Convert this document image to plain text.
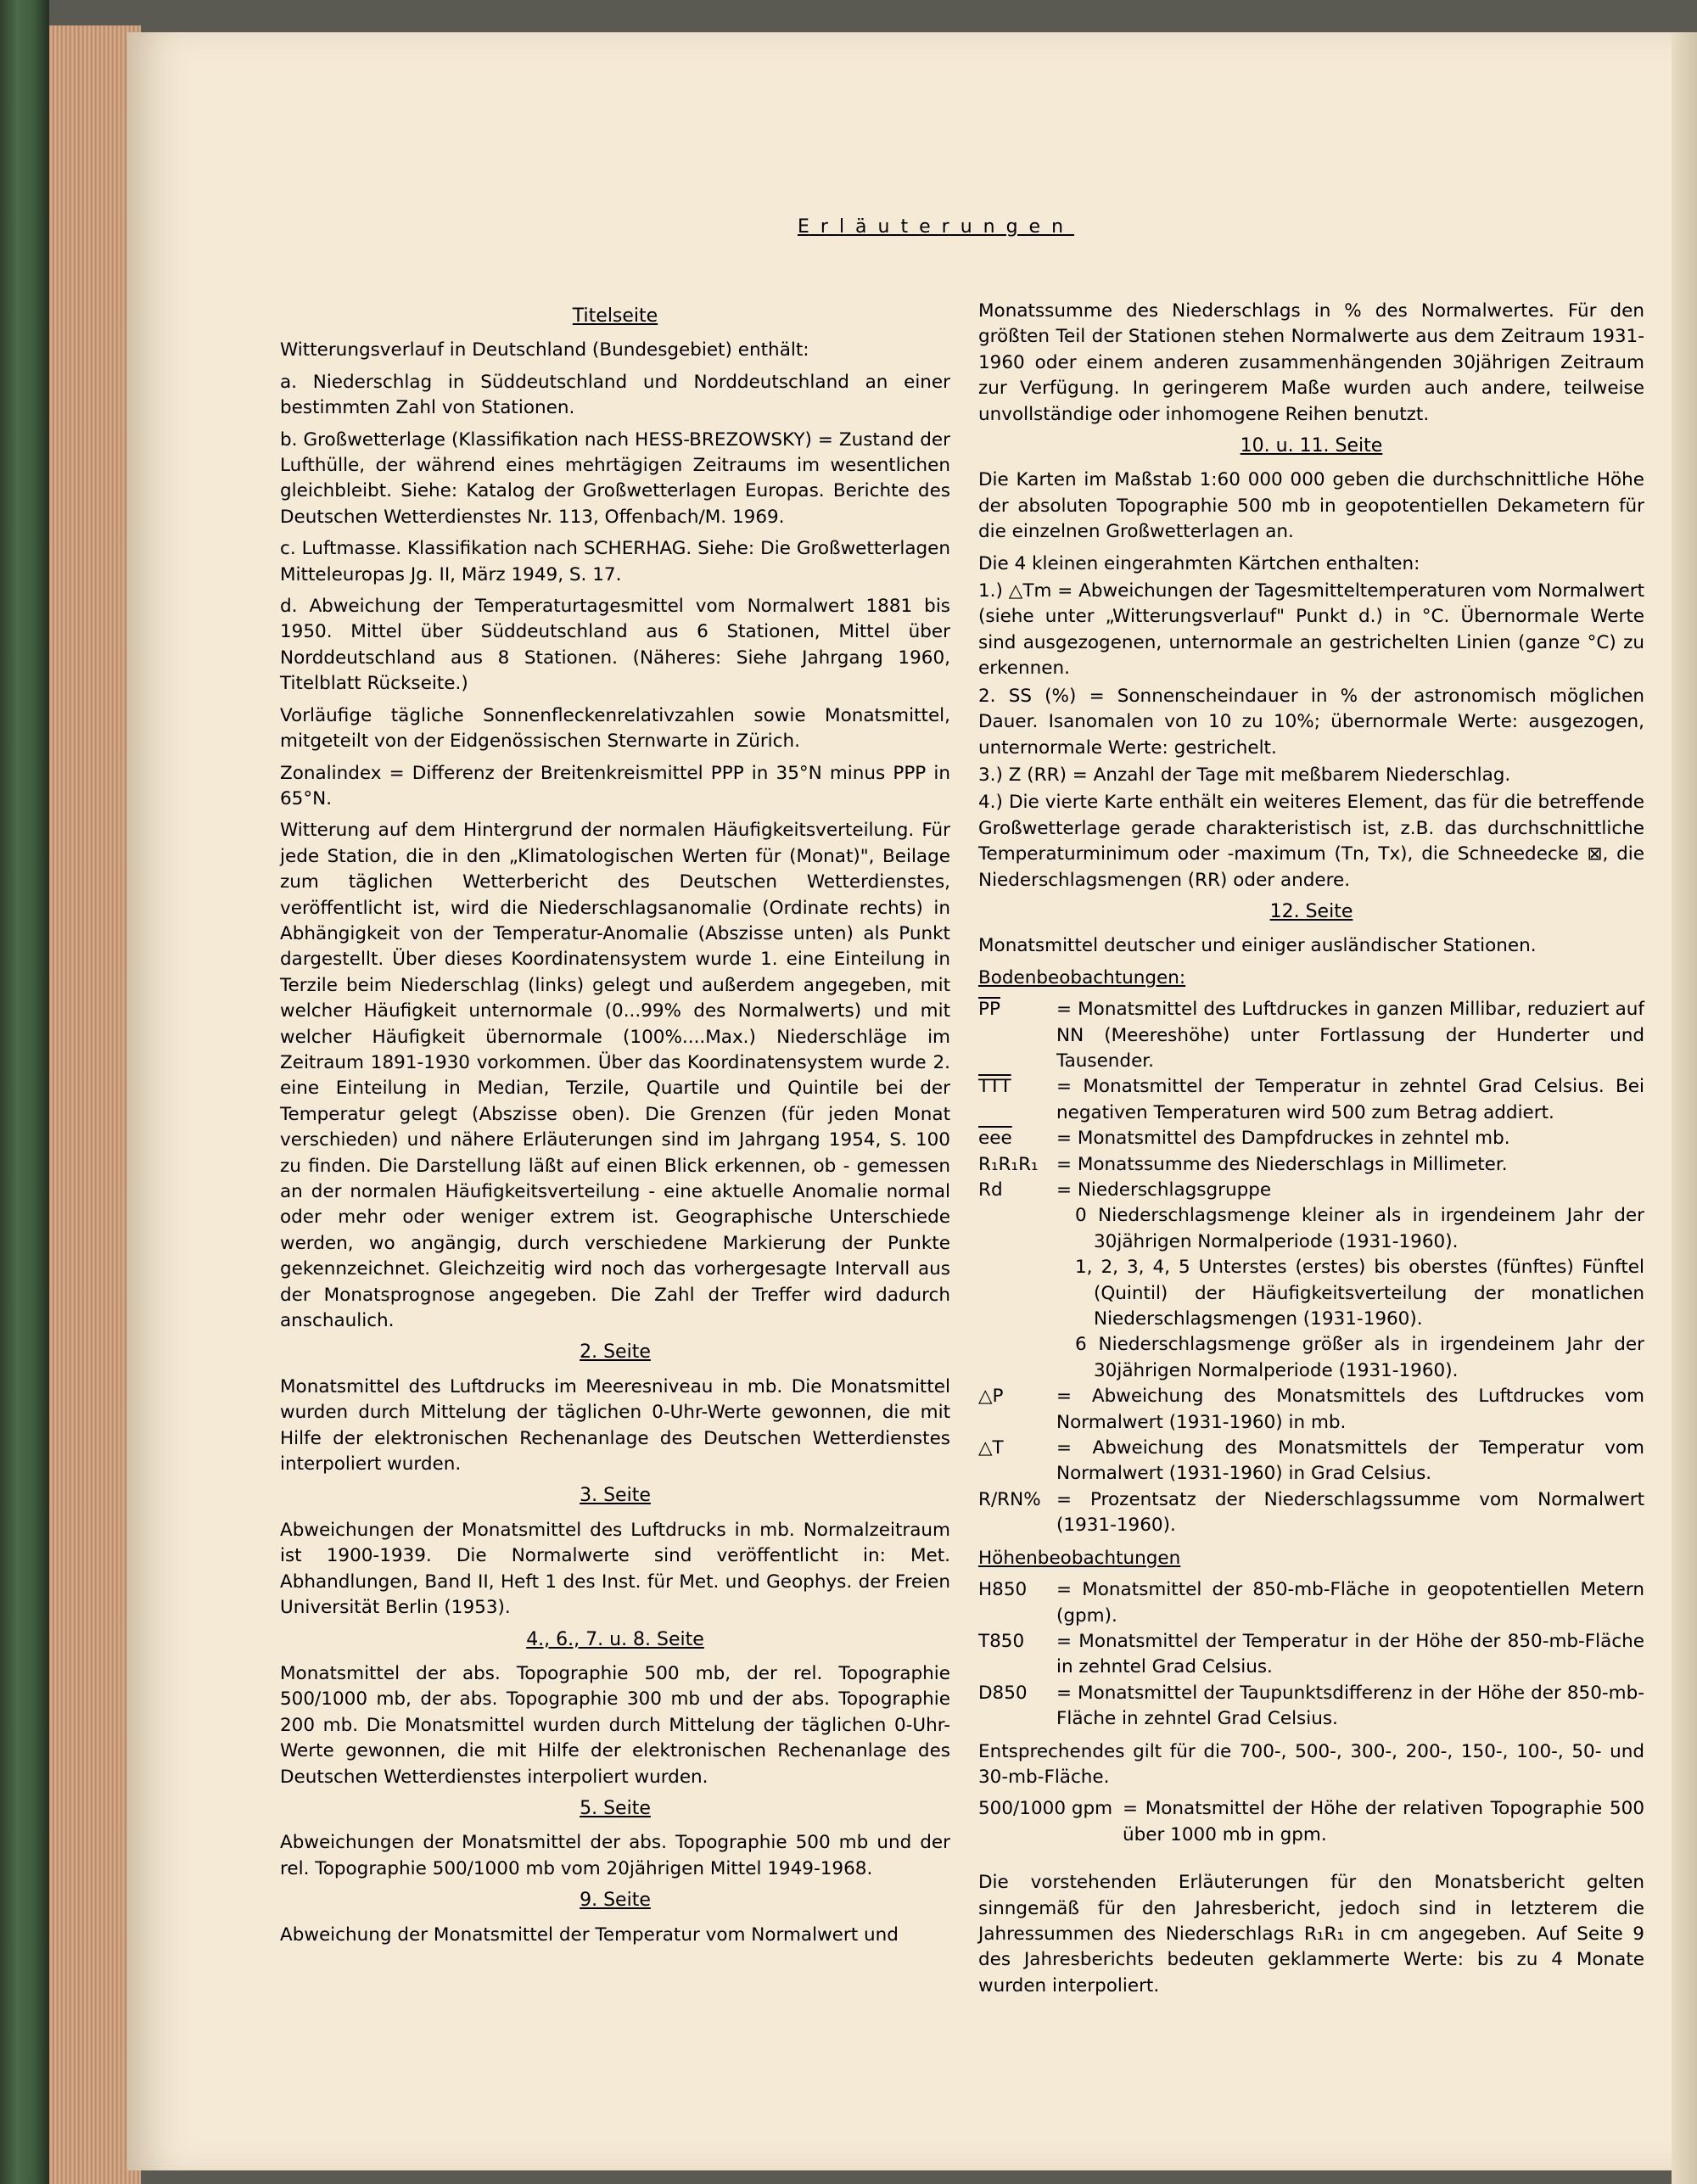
Erläuterungen
Titelseite

Witterungsverlauf in Deutschland (Bundesgebiet) enthält:

a. Niederschlag in Süddeutschland und Norddeutschland an einer bestimmten Zahl von Stationen.

b. Großwetterlage (Klassifikation nach HESS-BREZOWSKY) = Zustand der Lufthülle, der während eines mehrtägigen Zeitraums im wesentlichen gleichbleibt. Siehe: Katalog der Großwetterlagen Europas. Berichte des Deutschen Wetterdienstes Nr. 113, Offenbach/M. 1969.

c. Luftmasse. Klassifikation nach SCHERHAG. Siehe: Die Großwetterlagen Mitteleuropas Jg. II, März 1949, S. 17.

d. Abweichung der Temperaturtagesmittel vom Normalwert 1881 bis 1950. Mittel über Süddeutschland aus 6 Stationen, Mittel über Norddeutschland aus 8 Stationen. (Näheres: Siehe Jahrgang 1960, Titelblatt Rückseite.)

Vorläufige tägliche Sonnenfleckenrelativzahlen sowie Monatsmittel, mitgeteilt von der Eidgenössischen Sternwarte in Zürich.

Zonalindex = Differenz der Breitenkreismittel PPP in 35°N minus PPP in 65°N.

Witterung auf dem Hintergrund der normalen Häufigkeitsverteilung. Für jede Station, die in den „Klimatologischen Werten für (Monat)", Beilage zum täglichen Wetterbericht des Deutschen Wetterdienstes, veröffentlicht ist, wird die Niederschlagsanomalie (Ordinate rechts) in Abhängigkeit von der Temperatur-Anomalie (Abszisse unten) als Punkt dargestellt. Über dieses Koordinatensystem wurde 1. eine Einteilung in Terzile beim Niederschlag (links) gelegt und außerdem angegeben, mit welcher Häufigkeit unternormale (0...99% des Normalwerts) und mit welcher Häufigkeit übernormale (100%....Max.) Niederschläge im Zeitraum 1891-1930 vorkommen. Über das Koordinatensystem wurde 2. eine Einteilung in Median, Terzile, Quartile und Quintile bei der Temperatur gelegt (Abszisse oben). Die Grenzen (für jeden Monat verschieden) und nähere Erläuterungen sind im Jahrgang 1954, S. 100 zu finden. Die Darstellung läßt auf einen Blick erkennen, ob - gemessen an der normalen Häufigkeitsverteilung - eine aktuelle Anomalie normal oder mehr oder weniger extrem ist. Geographische Unterschiede werden, wo angängig, durch verschiedene Markierung der Punkte gekennzeichnet. Gleichzeitig wird noch das vorhergesagte Intervall aus der Monatsprognose angegeben. Die Zahl der Treffer wird dadurch anschaulich.

2. Seite

Monatsmittel des Luftdrucks im Meeresniveau in mb. Die Monatsmittel wurden durch Mittelung der täglichen 0-Uhr-Werte gewonnen, die mit Hilfe der elektronischen Rechenanlage des Deutschen Wetterdienstes interpoliert wurden.

3. Seite

Abweichungen der Monatsmittel des Luftdrucks in mb. Normalzeitraum ist 1900-1939. Die Normalwerte sind veröffentlicht in: Met. Abhandlungen, Band II, Heft 1 des Inst. für Met. und Geophys. der Freien Universität Berlin (1953).

4., 6., 7. u. 8. Seite

Monatsmittel der abs. Topographie 500 mb, der rel. Topographie 500/1000 mb, der abs. Topographie 300 mb und der abs. Topographie 200 mb. Die Monatsmittel wurden durch Mittelung der täglichen 0-Uhr-Werte gewonnen, die mit Hilfe der elektronischen Rechenanlage des Deutschen Wetterdienstes interpoliert wurden.

5. Seite

Abweichungen der Monatsmittel der abs. Topographie 500 mb und der rel. Topographie 500/1000 mb vom 20jährigen Mittel 1949-1968.

9. Seite

Abweichung der Monatsmittel der Temperatur vom Normalwert und

Monatssumme des Niederschlags in % des Normalwertes. Für den größten Teil der Stationen stehen Normalwerte aus dem Zeitraum 1931-1960 oder einem anderen zusammenhängenden 30jährigen Zeitraum zur Verfügung. In geringerem Maße wurden auch andere, teilweise unvollständige oder inhomogene Reihen benutzt.

10. u. 11. Seite

Die Karten im Maßstab 1:60 000 000 geben die durchschnittliche Höhe der absoluten Topographie 500 mb in geopotentiellen Dekametern für die einzelnen Großwetterlagen an.

Die 4 kleinen eingerahmten Kärtchen enthalten:

1.) △Tm = Abweichungen der Tagesmitteltemperaturen vom Normalwert (siehe unter „Witterungsverlauf" Punkt d.) in °C. Übernormale Werte sind ausgezogenen, unternormale an gestrichelten Linien (ganze °C) zu erkennen.

2. SS (%) = Sonnenscheindauer in % der astronomisch möglichen Dauer. Isanomalen von 10 zu 10%; übernormale Werte: ausgezogen, unternormale Werte: gestrichelt.

3.) Z (RR) = Anzahl der Tage mit meßbarem Niederschlag.

4.) Die vierte Karte enthält ein weiteres Element, das für die betreffende Großwetterlage gerade charakteristisch ist, z.B. das durchschnittliche Temperaturminimum oder -maximum (Tn, Tx), die Schneedecke ⊠, die Niederschlagsmengen (RR) oder andere.

12. Seite

Monatsmittel deutscher und einiger ausländischer Stationen.

Bodenbeobachtungen:

$\overline{PP}$	= Monatsmittel des Luftdruckes in ganzen Millibar, reduziert auf NN (Meereshöhe) unter Fortlassung der Hunderter und Tausender.
$\overline{TTT}$	= Monatsmittel der Temperatur in zehntel Grad Celsius. Bei negativen Temperaturen wird 500 zum Betrag addiert.
$\overline{eee}$	= Monatsmittel des Dampfdruckes in zehntel mb.
R₁R₁R₁ = Monatssumme des Niederschlags in Millimeter.
Rd	= Niederschlagsgruppe
0 Niederschlagsmenge kleiner als in irgendeinem Jahr der 30jährigen Normalperiode (1931-1960).
1, 2, 3, 4, 5 Unterstes (erstes) bis oberstes (fünftes) Fünftel (Quintil) der Häufigkeitsverteilung der monatlichen Niederschlagsmengen (1931-1960).
6 Niederschlagsmenge größer als in irgendeinem Jahr der 30jährigen Normalperiode (1931-1960).
△P	= Abweichung des Monatsmittels des Luftdruckes vom Normalwert (1931-1960) in mb.
△T	= Abweichung des Monatsmittels der Temperatur vom Normalwert (1931-1960) in Grad Celsius.
R/RN% = Prozentsatz der Niederschlagssumme vom Normalwert (1931-1960).

Höhenbeobachtungen

H850	= Monatsmittel der 850-mb-Fläche in geopotentiellen Metern (gpm).
T850	= Monatsmittel der Temperatur in der Höhe der 850-mb-Fläche in zehntel Grad Celsius.
D850	= Monatsmittel der Taupunktsdifferenz in der Höhe der 850-mb-Fläche in zehntel Grad Celsius.

Entsprechendes gilt für die 700-, 500-, 300-, 200-, 150-, 100-, 50- und 30-mb-Fläche.

500/1000 gpm = Monatsmittel der Höhe der relativen Topographie 500 über 1000 mb in gpm.

Die vorstehenden Erläuterungen für den Monatsbericht gelten sinngemäß für den Jahresbericht, jedoch sind in letzterem die Jahressummen des Niederschlags R₁R₁ in cm angegeben. Auf Seite 9 des Jahresberichts bedeuten geklammerte Werte: bis zu 4 Monate wurden interpoliert.
